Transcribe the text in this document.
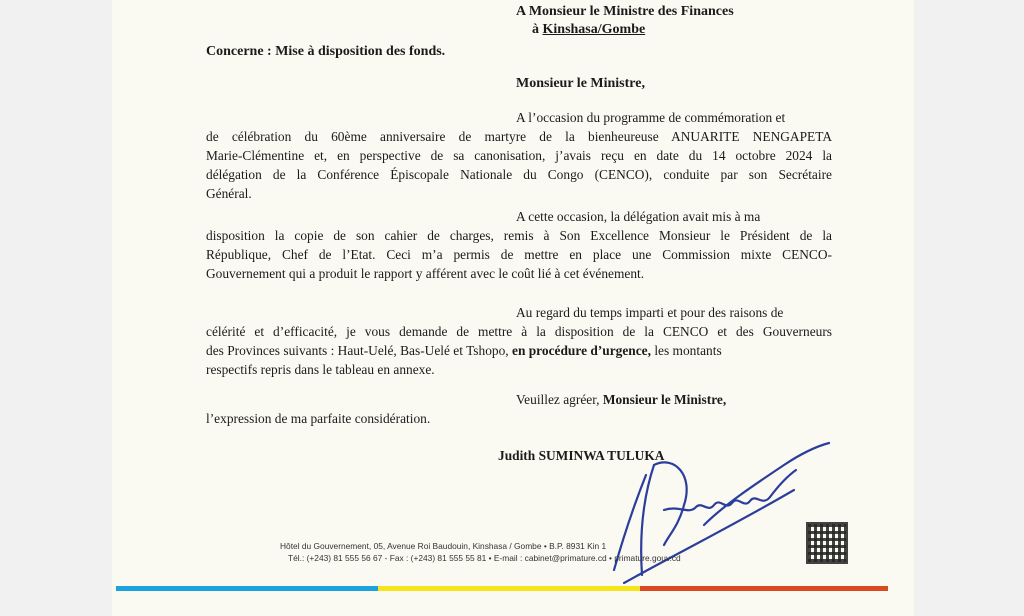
A Monsieur le Ministre des Finances
à Kinshasa/Gombe
Concerne : Mise à disposition des fonds.
Monsieur le Ministre,
A l’occasion du programme de commémoration et
de célébration du 60ème anniversaire de martyre de la bienheureuse ANUARITE NENGAPETA
Marie-Clémentine et, en perspective de sa canonisation, j’avais reçu en date du 14 octobre 2024 la
délégation de la Conférence Épiscopale Nationale du Congo (CENCO), conduite par son Secrétaire
Général.
A cette occasion, la délégation avait mis à ma
disposition la copie de son cahier de charges, remis à Son Excellence Monsieur le Président de la
République, Chef de l’Etat. Ceci m’a permis de mettre en place une Commission mixte CENCO-
Gouvernement qui a produit le rapport y afférent avec le coût lié à cet événement.
Au regard du temps imparti et pour des raisons de
célérité et d’efficacité, je vous demande de mettre à la disposition de la CENCO et des Gouverneurs
des Provinces suivants : Haut-Uelé, Bas-Uelé et Tshopo, en procédure d’urgence, les montants
respectifs repris dans le tableau en annexe.
Veuillez agréer, Monsieur le Ministre,
l’expression de ma parfaite considération.
Judith SUMINWA TULUKA
Hôtel du Gouvernement, 05, Avenue Roi Baudouin, Kinshasa / Gombe • B.P. 8931 Kin 1
Tél.: (+243) 81 555 56 67 - Fax : (+243) 81 555 55 81 • E-mail : cabinet@primature.cd • primature.gouv.cd
